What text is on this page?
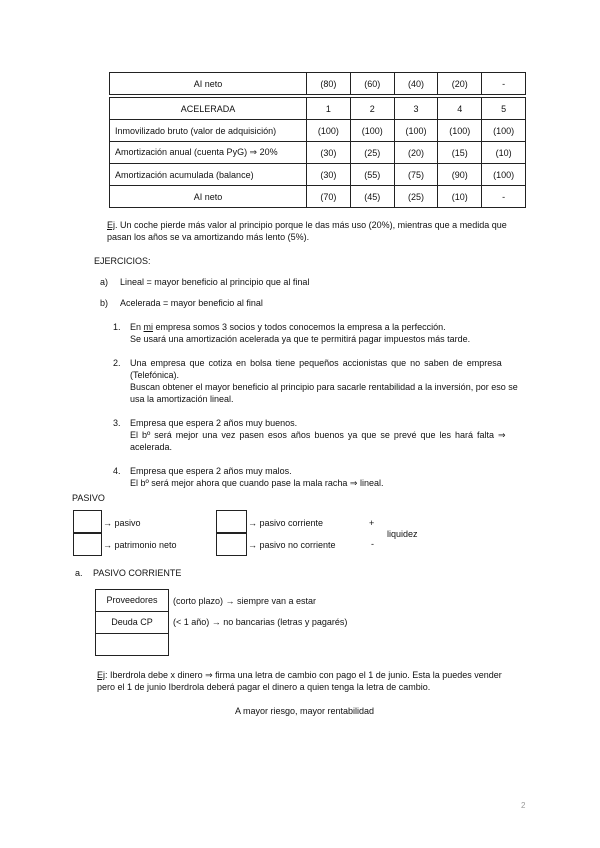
AI neto	(80)	(60)	(40)	(20)	-
ACELERADA	1	2	3	4	5
Inmovilizado bruto (valor de adquisición)	(100)	(100)	(100)	(100)	(100)
Amortización anual (cuenta PyG) ⇒ 20%	(30)	(25)	(20)	(15)	(10)
Amortización acumulada (balance)	(30)	(55)	(75)	(90)	(100)
AI neto	(70)	(45)	(25)	(10)	-
Ej. Un coche pierde más valor al principio porque le das más uso (20%), mientras que a medida que
pasan los años se va amortizando más lento (5%).
EJERCICIOS:
a) Lineal = mayor beneficio al principio que al final
b) Acelerada = mayor beneficio al final
1. En mi empresa somos 3 socios y todos conocemos la empresa a la perfección.
Se usará una amortización acelerada ya que te permitirá pagar impuestos más tarde.
2. Una empresa que cotiza en bolsa tiene pequeños accionistas que no saben de empresa
(Telefónica).
Buscan obtener el mayor beneficio al principio para sacarle rentabilidad a la inversión, por eso se
usa la amortización lineal.
3. Empresa que espera 2 años muy buenos.
El bº será mejor una vez pasen esos años buenos ya que se prevé que les hará falta ⇒
acelerada.
4. Empresa que espera 2 años muy malos.
El bº será mejor ahora que cuando pase la mala racha ⇒ lineal.
PASIVO
→ pasivo
→ patrimonio neto
→ pasivo corriente
→ pasivo no corriente
+
liquidez
-
a. PASIVO CORRIENTE
Proveedores
Deuda CP
(corto plazo) → siempre van a estar
(< 1 año) → no bancarias (letras y pagarés)
Ej: Iberdrola debe x dinero ⇒ firma una letra de cambio con pago el 1 de junio. Esta la puedes vender
pero el 1 de junio Iberdrola deberá pagar el dinero a quien tenga la letra de cambio.
A mayor riesgo, mayor rentabilidad
2
